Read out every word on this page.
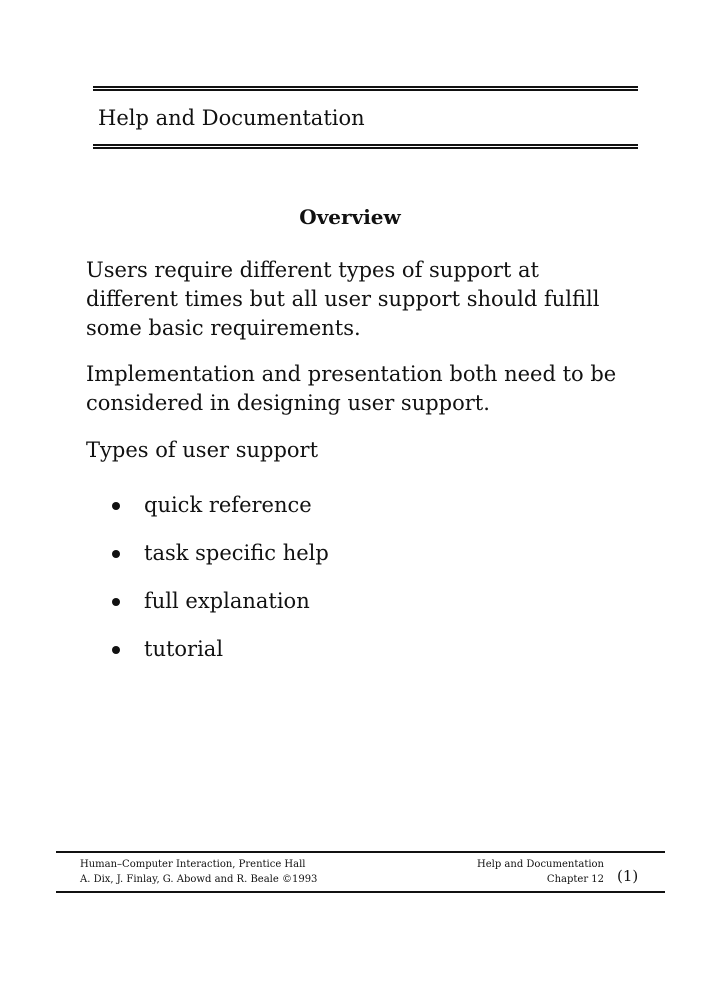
Help and Documentation
Overview
Users require different types of support at different times but all user support should fulfill some basic requirements.
Implementation and presentation both need to be considered in designing user support.
Types of user support
quick reference
task specific help
full explanation
tutorial
Human–Computer Interaction, Prentice Hall
A. Dix, J. Finlay, G. Abowd and R. Beale ©1993
Help and Documentation
Chapter 12 (1)
